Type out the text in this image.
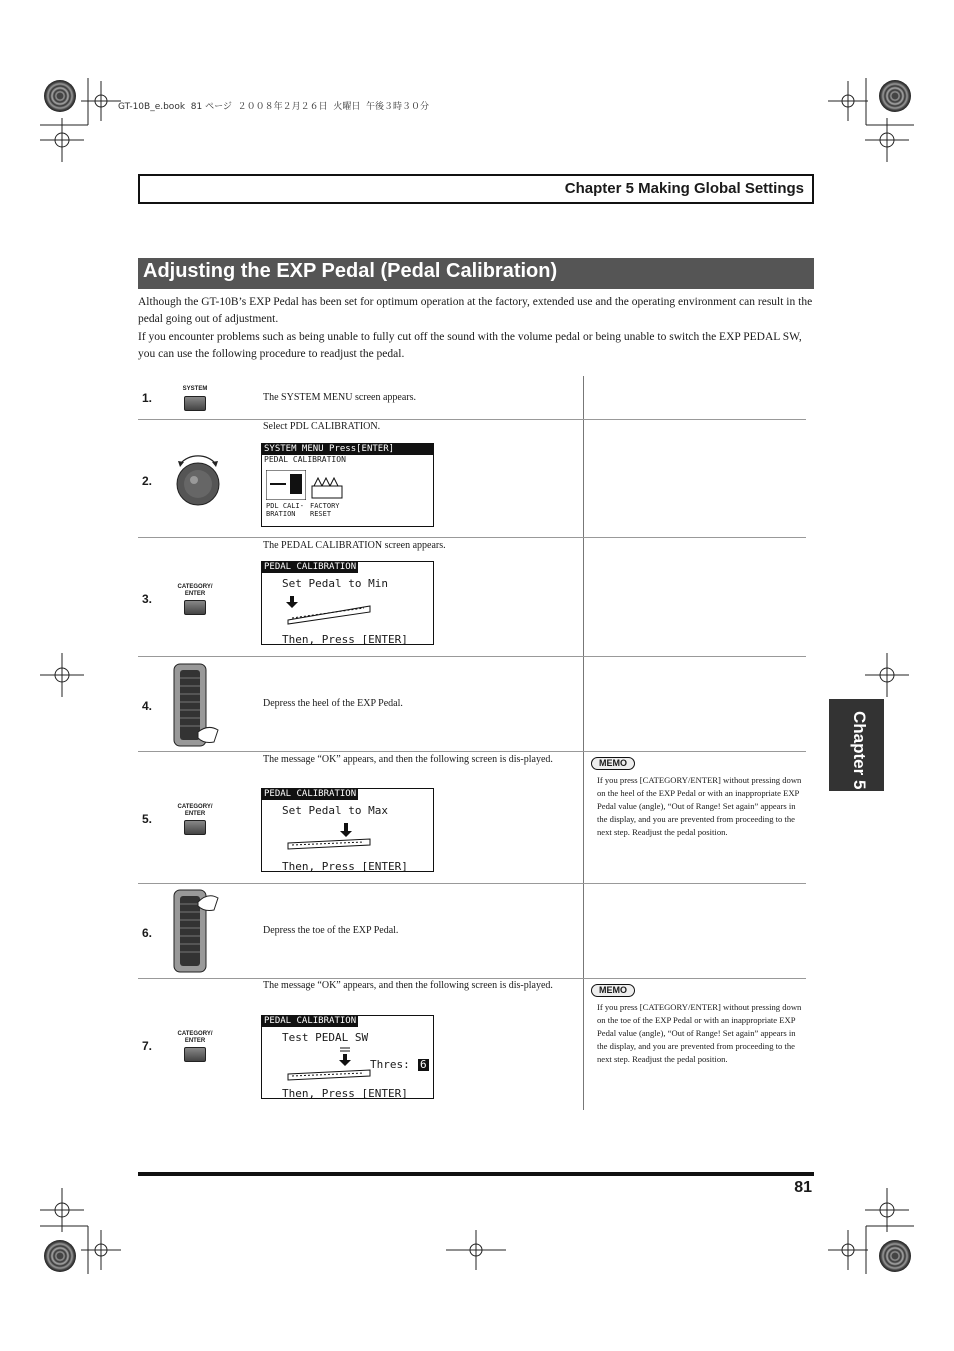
GT-10B_e.book  81 ページ  ２００８年２月２６日  火曜日  午後３時３０分
Chapter 5 Making Global Settings
Adjusting the EXP Pedal (Pedal Calibration)
Although the GT-10B’s EXP Pedal has been set for optimum operation at the factory, extended use and the operating environment can result in the pedal going out of adjustment.
If you encounter problems such as being unable to fully cut off the sound with the volume pedal or being unable to switch the EXP PEDAL SW, you can use the following procedure to readjust the pedal.
1.
SYSTEM
The SYSTEM MENU screen appears.
2.
Select PDL CALIBRATION.
SYSTEM MENU Press[ENTER]
PEDAL CALIBRATION
PDL CALI-
BRATION
FACTORY
RESET
3.
CATEGORY/
ENTER
The PEDAL CALIBRATION screen appears.
PEDAL CALIBRATION
Set Pedal to Min
Then, Press [ENTER]
4.	Depress the heel of the EXP Pedal.
5.
CATEGORY/
ENTER
The message “OK” appears, and then the following screen is dis-played.
PEDAL CALIBRATION
Set Pedal to Max
Then, Press [ENTER]
MEMO
If you press [CATEGORY/ENTER] without pressing down on the heel of the EXP Pedal or with an inappropriate EXP Pedal value (angle), “Out of Range! Set again” appears in the display, and you are prevented from proceeding to the next step. Readjust the pedal position.
6.	Depress the toe of the EXP Pedal.
7.
CATEGORY/
ENTER
The message “OK” appears, and then the following screen is dis-played.
PEDAL CALIBRATION
Test PEDAL SW
Thres: 6
Then, Press [ENTER]
MEMO
If you press [CATEGORY/ENTER] without pressing down on the toe of the EXP Pedal or with an inappropriate EXP Pedal value (angle), “Out of Range! Set again” appears in the display, and you are prevented from proceeding to the next step. Readjust the pedal position.
Chapter 5
81
